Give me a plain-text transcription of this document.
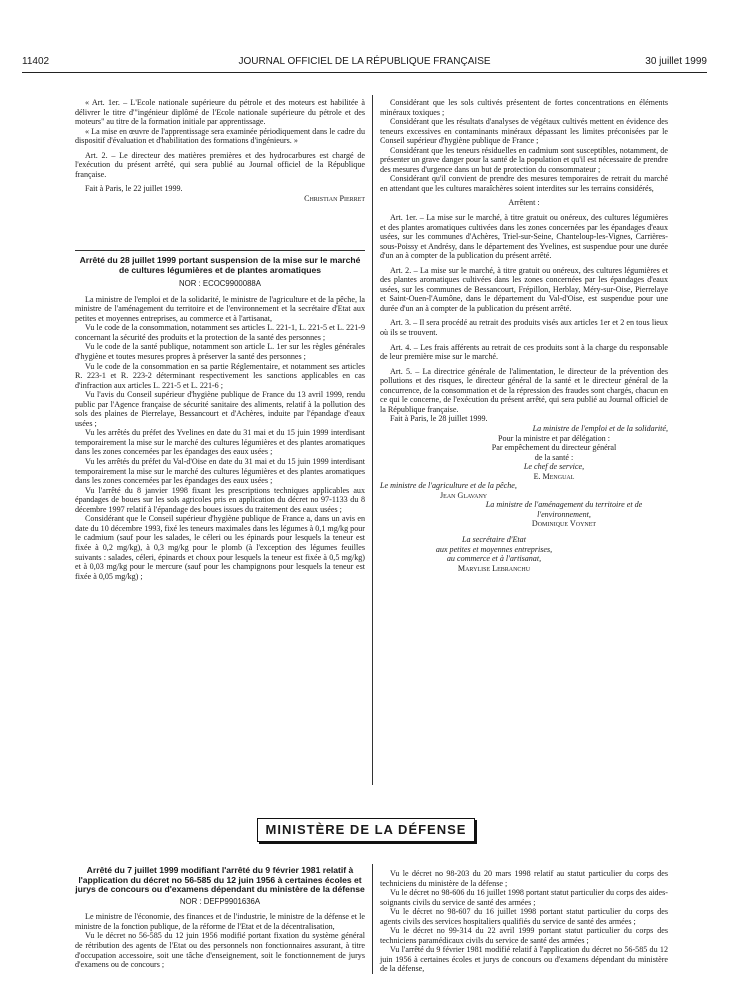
11402	JOURNAL OFFICIEL DE LA RÉPUBLIQUE FRANÇAISE	30 juillet 1999

« Art. 1er. – L'Ecole nationale supérieure du pétrole et des moteurs est habilitée à délivrer le titre d'"ingénieur diplômé de l'Ecole nationale supérieure du pétrole et des moteurs" au titre de la formation initiale par apprentissage.

« La mise en œuvre de l'apprentissage sera examinée périodiquement dans le cadre du dispositif d'évaluation et d'habilitation des formations d'ingénieurs. »

Art. 2. – Le directeur des matières premières et des hydrocarbures est chargé de l'exécution du présent arrêté, qui sera publié au Journal officiel de la République française.

Fait à Paris, le 22 juillet 1999.

Christian Pierret

Arrêté du 28 juillet 1999 portant suspension de la mise sur le marché de cultures légumières et de plantes aromatiques

NOR : ECOC9900088A

La ministre de l'emploi et de la solidarité, le ministre de l'agriculture et de la pêche, la ministre de l'aménagement du territoire et de l'environnement et la secrétaire d'Etat aux petites et moyennes entreprises, au commerce et à l'artisanat,

Vu le code de la consommation, notamment ses articles L. 221-1, L. 221-5 et L. 221-9 concernant la sécurité des produits et la protection de la santé des personnes ;

Vu le code de la santé publique, notamment son article L. 1er sur les règles générales d'hygiène et toutes mesures propres à préserver la santé des personnes ;

Vu le code de la consommation en sa partie Réglementaire, et notamment ses articles R. 223-1 et R. 223-2 déterminant respectivement les sanctions applicables en cas d'infraction aux articles L. 221-5 et L. 221-6 ;

Vu l'avis du Conseil supérieur d'hygiène publique de France du 13 avril 1999, rendu public par l'Agence française de sécurité sanitaire des aliments, relatif à la pollution des sols des plaines de Pierrelaye, Bessancourt et d'Achères, induite par l'épandage d'eaux usées ;

Vu les arrêtés du préfet des Yvelines en date du 31 mai et du 15 juin 1999 interdisant temporairement la mise sur le marché des cultures légumières et des plantes aromatiques dans les zones concernées par les épandages des eaux usées ;

Vu les arrêtés du préfet du Val-d'Oise en date du 31 mai et du 15 juin 1999 interdisant temporairement la mise sur le marché des cultures légumières et des plantes aromatiques dans les zones concernées par les épandages des eaux usées ;

Vu l'arrêté du 8 janvier 1998 fixant les prescriptions techniques applicables aux épandages de boues sur les sols agricoles pris en application du décret no 97-1133 du 8 décembre 1997 relatif à l'épandage des boues issues du traitement des eaux usées ;

Considérant que le Conseil supérieur d'hygiène publique de France a, dans un avis en date du 10 décembre 1993, fixé les teneurs maximales dans les légumes à 0,1 mg/kg pour le cadmium (sauf pour les salades, le céleri ou les épinards pour lesquels la teneur est fixée à 0,2 mg/kg), à 0,3 mg/kg pour le plomb (à l'exception des légumes feuilles suivants : salades, céleri, épinards et choux pour lesquels la teneur est fixée à 0,5 mg/kg) et à 0,03 mg/kg pour le mercure (sauf pour les champignons pour lesquels la teneur est fixée à 0,05 mg/kg) ;

Considérant que les sols cultivés présentent de fortes concentrations en éléments minéraux toxiques ;

Considérant que les résultats d'analyses de végétaux cultivés mettent en évidence des teneurs excessives en contaminants minéraux dépassant les limites préconisées par le Conseil supérieur d'hygiène publique de France ;

Considérant que les teneurs résiduelles en cadmium sont susceptibles, notamment, de présenter un grave danger pour la santé de la population et qu'il est nécessaire de prendre des mesures d'urgence dans un but de protection du consommateur ;

Considérant qu'il convient de prendre des mesures temporaires de retrait du marché en attendant que les cultures maraîchères soient interdites sur les terrains considérés,

Arrêtent :

Art. 1er. – La mise sur le marché, à titre gratuit ou onéreux, des cultures légumières et des plantes aromatiques cultivées dans les zones concernées par les épandages d'eaux usées, sur les communes d'Achères, Triel-sur-Seine, Chanteloup-les-Vignes, Carrières-sous-Poissy et Andrésy, dans le département des Yvelines, est suspendue pour une durée d'un an à compter de la publication du présent arrêté.

Art. 2. – La mise sur le marché, à titre gratuit ou onéreux, des cultures légumières et des plantes aromatiques cultivées dans les zones concernées par les épandages d'eaux usées, sur les communes de Bessancourt, Frépillon, Herblay, Méry-sur-Oise, Pierrelaye et Saint-Ouen-l'Aumône, dans le département du Val-d'Oise, est suspendue pour une durée d'un an à compter de la publication du présent arrêté.

Art. 3. – Il sera procédé au retrait des produits visés aux articles 1er et 2 en tous lieux où ils se trouvent.

Art. 4. – Les frais afférents au retrait de ces produits sont à la charge du responsable de leur première mise sur le marché.

Art. 5. – La directrice générale de l'alimentation, le directeur de la prévention des pollutions et des risques, le directeur général de la santé et le directeur général de la concurrence, de la consommation et de la répression des fraudes sont chargés, chacun en ce qui le concerne, de l'exécution du présent arrêté, qui sera publié au Journal officiel de la République française.

Fait à Paris, le 28 juillet 1999.

La ministre de l'emploi et de la solidarité,

Pour la ministre et par délégation :

Par empêchement du directeur général

de la santé :

Le chef de service,

E. Mengual

Le ministre de l'agriculture et de la pêche,

Jean Glavany

La ministre de l'aménagement du territoire et de l'environnement,

Dominique Voynet

La secrétaire d'Etat

aux petites et moyennes entreprises,

au commerce et à l'artisanat,

Marylise Lebranchu

MINISTÈRE DE LA DÉFENSE

Arrêté du 7 juillet 1999 modifiant l'arrêté du 9 février 1981 relatif à l'application du décret no 56-585 du 12 juin 1956 à certaines écoles et jurys de concours ou d'examens dépendant du ministère de la défense

NOR : DEFP9901636A

Le ministre de l'économie, des finances et de l'industrie, le ministre de la défense et le ministre de la fonction publique, de la réforme de l'Etat et de la décentralisation,

Vu le décret no 56-585 du 12 juin 1956 modifié portant fixation du système général de rétribution des agents de l'Etat ou des personnels non fonctionnaires assurant, à titre d'occupation accessoire, soit une tâche d'enseignement, soit le fonctionnement de jurys d'examens ou de concours ;

Vu le décret no 98-203 du 20 mars 1998 relatif au statut particulier du corps des techniciens du ministère de la défense ;

Vu le décret no 98-606 du 16 juillet 1998 portant statut particulier du corps des aides-soignants civils du service de santé des armées ;

Vu le décret no 98-607 du 16 juillet 1998 portant statut particulier du corps des agents civils des services hospitaliers qualifiés du service de santé des armées ;

Vu le décret no 99-314 du 22 avril 1999 portant statut particulier du corps des techniciens paramédicaux civils du service de santé des armées ;

Vu l'arrêté du 9 février 1981 modifié relatif à l'application du décret no 56-585 du 12 juin 1956 à certaines écoles et jurys de concours ou d'examens dépendant du ministère de la défense,
